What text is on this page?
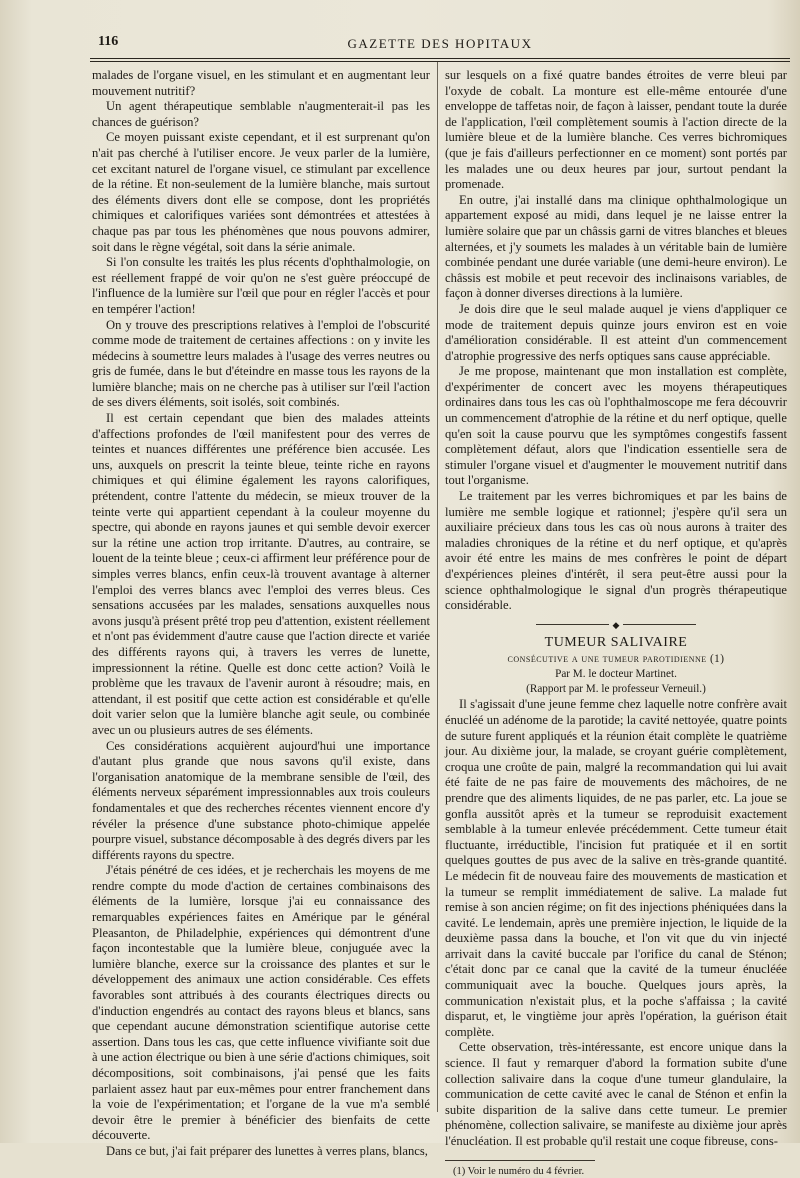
116	GAZETTE DES HOPITAUX

malades de l'organe visuel, en les stimulant et en augmentant leur mouvement nutritif?

Un agent thérapeutique semblable n'augmenterait-il pas les chances de guérison?

Ce moyen puissant existe cependant, et il est surprenant qu'on n'ait pas cherché à l'utiliser encore. Je veux parler de la lumière, cet excitant naturel de l'organe visuel, ce stimulant par excellence de la rétine. Et non-seulement de la lumière blanche, mais surtout des éléments divers dont elle se compose, dont les propriétés chimiques et calorifiques variées sont démontrées et attestées à chaque pas par tous les phénomènes que nous pouvons admirer, soit dans le règne végétal, soit dans la série animale.

Si l'on consulte les traités les plus récents d'ophthalmologie, on est réellement frappé de voir qu'on ne s'est guère préoccupé de l'influence de la lumière sur l'œil que pour en régler l'accès et pour en tempérer l'action!

On y trouve des prescriptions relatives à l'emploi de l'obscurité comme mode de traitement de certaines affections : on y invite les médecins à soumettre leurs malades à l'usage des verres neutres ou gris de fumée, dans le but d'éteindre en masse tous les rayons de la lumière blanche; mais on ne cherche pas à utiliser sur l'œil l'action de ses divers éléments, soit isolés, soit combinés.

Il est certain cependant que bien des malades atteints d'affections profondes de l'œil manifestent pour des verres de teintes et nuances différentes une préférence bien accusée. Les uns, auxquels on prescrit la teinte bleue, teinte riche en rayons chimiques et qui élimine également les rayons calorifiques, prétendent, contre l'attente du médecin, se mieux trouver de la teinte verte qui appartient cependant à la couleur moyenne du spectre, qui abonde en rayons jaunes et qui semble devoir exercer sur la rétine une action trop irritante. D'autres, au contraire, se louent de la teinte bleue ; ceux-ci affirment leur préférence pour de simples verres blancs, enfin ceux-là trouvent avantage à alterner l'emploi des verres blancs avec l'emploi des verres bleus. Ces sensations accusées par les malades, sensations auxquelles nous avons jusqu'à présent prêté trop peu d'attention, existent réellement et n'ont pas évidemment d'autre cause que l'action directe et variée des différents rayons qui, à travers les verres de lunette, impressionnent la rétine. Quelle est donc cette action? Voilà le problème que les travaux de l'avenir auront à résoudre; mais, en attendant, il est positif que cette action est considérable et qu'elle doit varier selon que la lumière blanche agit seule, ou combinée avec un ou plusieurs autres de ses éléments.

Ces considérations acquièrent aujourd'hui une importance d'autant plus grande que nous savons qu'il existe, dans l'organisation anatomique de la membrane sensible de l'œil, des éléments nerveux séparément impressionnables aux trois couleurs fondamentales et que des recherches récentes viennent encore d'y révéler la présence d'une substance photo-chimique appelée pourpre visuel, substance décomposable à des degrés divers par les différents rayons du spectre.

J'étais pénétré de ces idées, et je recherchais les moyens de me rendre compte du mode d'action de certaines combinaisons des éléments de la lumière, lorsque j'ai eu connaissance des remarquables expériences faites en Amérique par le général Pleasanton, de Philadelphie, expériences qui démontrent d'une façon incontestable que la lumière bleue, conjuguée avec la lumière blanche, exerce sur la croissance des plantes et sur le développement des animaux une action considérable. Ces effets favorables sont attribués à des courants électriques directs ou d'induction engendrés au contact des rayons bleus et blancs, sans que cependant aucune démonstration scientifique autorise cette assertion. Dans tous les cas, que cette influence vivifiante soit due à une action électrique ou bien à une série d'actions chimiques, soit décompositions, soit combinaisons, j'ai pensé que les faits parlaient assez haut par eux-mêmes pour entrer franchement dans la voie de l'expérimentation; et l'organe de la vue m'a semblé devoir être le premier à bénéficier des bienfaits de cette découverte.

Dans ce but, j'ai fait préparer des lunettes à verres plans, blancs,

sur lesquels on a fixé quatre bandes étroites de verre bleui par l'oxyde de cobalt. La monture est elle-même entourée d'une enveloppe de taffetas noir, de façon à laisser, pendant toute la durée de l'application, l'œil complètement soumis à l'action directe de la lumière bleue et de la lumière blanche. Ces verres bichromiques (que je fais d'ailleurs perfectionner en ce moment) sont portés par les malades une ou deux heures par jour, surtout pendant la promenade.

En outre, j'ai installé dans ma clinique ophthalmologique un appartement exposé au midi, dans lequel je ne laisse entrer la lumière solaire que par un châssis garni de vitres blanches et bleues alternées, et j'y soumets les malades à un véritable bain de lumière combinée pendant une durée variable (une demi-heure environ). Le châssis est mobile et peut recevoir des inclinaisons variables, de façon à donner diverses directions à la lumière.

Je dois dire que le seul malade auquel je viens d'appliquer ce mode de traitement depuis quinze jours environ est en voie d'amélioration considérable. Il est atteint d'un commencement d'atrophie progressive des nerfs optiques sans cause appréciable.

Je me propose, maintenant que mon installation est complète, d'expérimenter de concert avec les moyens thérapeutiques ordinaires dans tous les cas où l'ophthalmoscope me fera découvrir un commencement d'atrophie de la rétine et du nerf optique, quelle qu'en soit la cause pourvu que les symptômes congestifs fassent complètement défaut, alors que l'indication essentielle sera de stimuler l'organe visuel et d'augmenter le mouvement nutritif dans tout l'organisme.

Le traitement par les verres bichromiques et par les bains de lumière me semble logique et rationnel; j'espère qu'il sera un auxiliaire précieux dans tous les cas où nous aurons à traiter des maladies chroniques de la rétine et du nerf optique, et qu'après avoir été entre les mains de mes confrères le point de départ d'expériences pleines d'intérêt, il sera peut-être aussi pour la science ophthalmologique le signal d'un progrès thérapeutique considérable.

◆
TUMEUR SALIVAIRE
consécutive a une tumeur parotidienne (1)
Par M. le docteur Martinet.
(Rapport par M. le professeur Verneuil.)

Il s'agissait d'une jeune femme chez laquelle notre confrère avait énucléé un adénome de la parotide; la cavité nettoyée, quatre points de suture furent appliqués et la réunion était complète le quatrième jour. Au dixième jour, la malade, se croyant guérie complètement, croqua une croûte de pain, malgré la recommandation qui lui avait été faite de ne pas faire de mouvements des mâchoires, de ne prendre que des aliments liquides, de ne pas parler, etc. La joue se gonfla aussitôt après et la tumeur se reproduisit exactement semblable à la tumeur enlevée précédemment. Cette tumeur était fluctuante, irréductible, l'incision fut pratiquée et il en sortit quelques gouttes de pus avec de la salive en très-grande quantité. Le médecin fit de nouveau faire des mouvements de mastication et la tumeur se remplit immédiatement de salive. La malade fut remise à son ancien régime; on fit des injections phéniquées dans la cavité. Le lendemain, après une première injection, le liquide de la deuxième passa dans la bouche, et l'on vit que du vin injecté arrivait dans la cavité buccale par l'orifice du canal de Sténon; c'était donc par ce canal que la cavité de la tumeur énucléée communiquait avec la bouche. Quelques jours après, la communication n'existait plus, et la poche s'affaissa ; la cavité disparut, et, le vingtième jour après l'opération, la guérison était complète.

Cette observation, très-intéressante, est encore unique dans la science. Il faut y remarquer d'abord la formation subite d'une collection salivaire dans la coque d'une tumeur glandulaire, la communication de cette cavité avec le canal de Sténon et enfin la subite disparition de la salive dans cette tumeur. Le premier phénomène, collection salivaire, se manifeste au dixième jour après l'énucléation. Il est probable qu'il restait une coque fibreuse, cons-

(1) Voir le numéro du 4 février.
